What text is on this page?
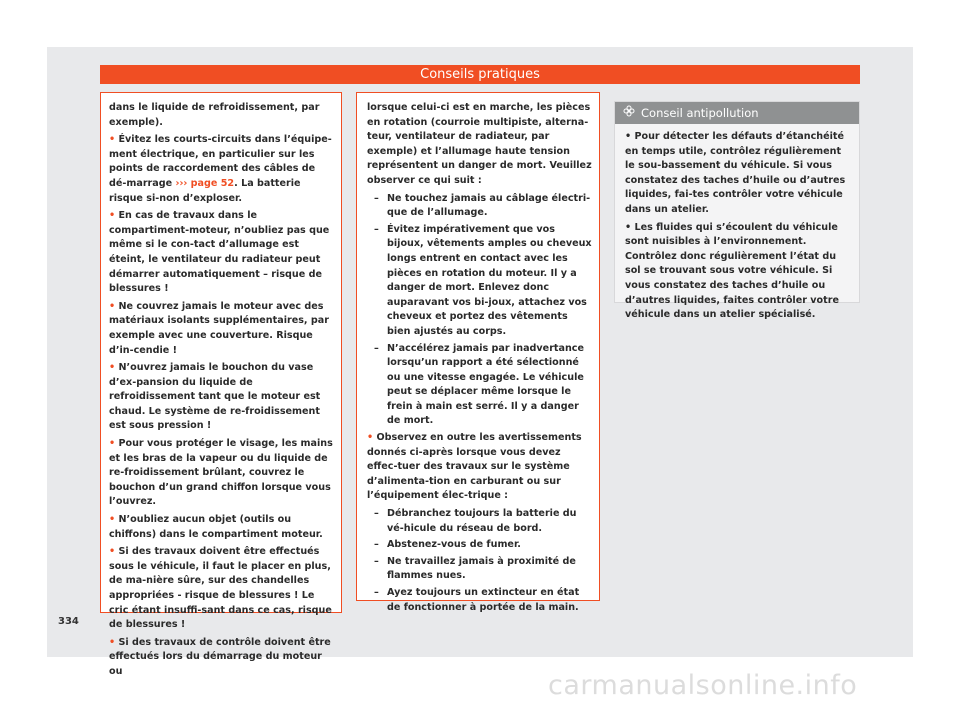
Conseils pratiques

dans le liquide de refroidissement, par exemple).

• Évitez les courts-circuits dans l’équipe-ment électrique, en particulier sur les points de raccordement des câbles de dé-marrage ››› page 52. La batterie risque si-non d’exploser.

• En cas de travaux dans le compartiment-moteur, n’oubliez pas que même si le con-tact d’allumage est éteint, le ventilateur du radiateur peut démarrer automatiquement – risque de blessures !

• Ne couvrez jamais le moteur avec des matériaux isolants supplémentaires, par exemple avec une couverture. Risque d’in-cendie !

• N’ouvrez jamais le bouchon du vase d’ex-pansion du liquide de refroidissement tant que le moteur est chaud. Le système de re-froidissement est sous pression !

• Pour vous protéger le visage, les mains et les bras de la vapeur ou du liquide de re-froidissement brûlant, couvrez le bouchon d’un grand chiffon lorsque vous l’ouvrez.

• N’oubliez aucun objet (outils ou chiffons) dans le compartiment moteur.

• Si des travaux doivent être effectués sous le véhicule, il faut le placer en plus, de ma-nière sûre, sur des chandelles appropriées - risque de blessures ! Le cric étant insuffi-sant dans ce cas, risque de blessures !

• Si des travaux de contrôle doivent être effectués lors du démarrage du moteur ou

lorsque celui-ci est en marche, les pièces en rotation (courroie multipiste, alterna-teur, ventilateur de radiateur, par exemple) et l’allumage haute tension représentent un danger de mort. Veuillez observer ce qui suit :

– Ne touchez jamais au câblage électri-que de l’allumage.
– Évitez impérativement que vos bijoux, vêtements amples ou cheveux longs entrent en contact avec les pièces en rotation du moteur. Il y a danger de mort. Enlevez donc auparavant vos bi-joux, attachez vos cheveux et portez des vêtements bien ajustés au corps.
– N’accélérez jamais par inadvertance lorsqu’un rapport a été sélectionné ou une vitesse engagée. Le véhicule peut se déplacer même lorsque le frein à main est serré. Il y a danger de mort.

• Observez en outre les avertissements donnés ci-après lorsque vous devez effec-tuer des travaux sur le système d’alimenta-tion en carburant ou sur l’équipement élec-trique :

– Débranchez toujours la batterie du vé-hicule du réseau de bord.
– Abstenez-vous de fumer.
– Ne travaillez jamais à proximité de flammes nues.
– Ayez toujours un extincteur en état de fonctionner à portée de la main.
Conseil antipollution

• Pour détecter les défauts d’étanchéité en temps utile, contrôlez régulièrement le sou-bassement du véhicule. Si vous constatez des taches d’huile ou d’autres liquides, fai-tes contrôler votre véhicule dans un atelier.

• Les fluides qui s’écoulent du véhicule sont nuisibles à l’environnement. Contrôlez donc régulièrement l’état du sol se trouvant sous votre véhicule. Si vous constatez des taches d’huile ou d’autres liquides, faites contrôler votre véhicule dans un atelier spécialisé.

334
carmanualsonline.info
